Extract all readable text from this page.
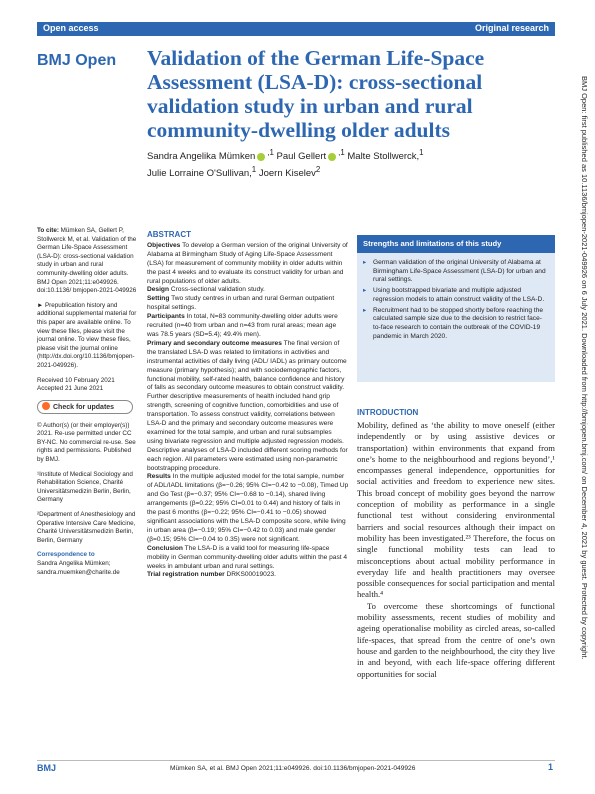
Open access	Original research
BMJ Open Validation of the German Life-Space Assessment (LSA-D): cross-sectional validation study in urban and rural community-dwelling older adults
Sandra Angelika Mümken $^{,1}$ Paul Gellert $^{,1}$ Malte Stollwerck,$^1$
Julie Lorraine O'Sullivan,$^1$ Joern Kiselev$^2$

To cite: Mümken SA, Gellert P, Stollwerck M, et al. Validation of the German Life-Space Assessment (LSA-D): cross-sectional validation study in urban and rural community-dwelling older adults. BMJ Open 2021;11:e049926. doi:10.1136/ bmjopen-2021-049926

► Prepublication history and additional supplemental material for this paper are available online. To view these files, please visit the journal online. To view these files, please visit the journal online (http://dx.doi.org/10.1136/bmjopen-2021-049926).

Received 10 February 2021
Accepted 21 June 2021

Check for updates

© Author(s) (or their employer(s)) 2021. Re-use permitted under CC BY-NC. No commercial re-use. See rights and permissions. Published by BMJ.

¹Institute of Medical Sociology and Rehabilitation Science, Charité Universitätsmedizin Berlin, Berlin, Germany

²Department of Anesthesiology and Operative Intensive Care Medicine, Charité Universitätsmedizin Berlin, Berlin, Germany

Correspondence to
Sandra Angelika Mümken;
sandra.muemken@charite.de

ABSTRACT

Objectives To develop a German version of the original University of Alabama at Birmingham Study of Aging Life-Space Assessment (LSA) for measurement of community mobility in older adults within the past 4 weeks and to evaluate its construct validity for urban and rural populations of older adults.

Design Cross-sectional validation study.

Setting Two study centres in urban and rural German outpatient hospital settings.

Participants In total, N=83 community-dwelling older adults were recruited (n=40 from urban and n=43 from rural areas; mean age was 78.5 years (SD=5.4); 49.4% men).

Primary and secondary outcome measures The final version of the translated LSA-D was related to limitations in activities and instrumental activities of daily living (ADL/ IADL) as primary outcome measure (primary hypothesis); and with sociodemographic factors, functional mobility, self-rated health, balance confidence and history of falls as secondary outcome measures to obtain construct validity. Further descriptive measurements of health included hand grip strength, screening of cognitive function, comorbidities and use of transportation. To assess construct validity, correlations between LSA-D and the primary and secondary outcome measures were examined for the total sample, and urban and rural subsamples using bivariate regression and multiple adjusted regression models. Descriptive analyses of LSA-D included different scoring methods for each region. All parameters were estimated using non-parametric bootstrapping procedure.

Results In the multiple adjusted model for the total sample, number of ADL/IADL limitations (β=−0.26; 95% CI=−0.42 to −0.08), Timed Up and Go Test (β=−0.37; 95% CI=−0.68 to −0.14), shared living arrangements (β=0.22; 95% CI=0.01 to 0.44) and history of falls in the past 6 months (β=−0.22; 95% CI=−0.41 to −0.05) showed significant associations with the LSA-D composite score, while living in urban area (β=−0.19; 95% CI=−0.42 to 0.03) and male gender (β=0.15; 95% CI=−0.04 to 0.35) were not significant.

Conclusion The LSA-D is a valid tool for measuring life-space mobility in German community-dwelling older adults within the past 4 weeks in ambulant urban and rural settings.

Trial registration number DRKS00019023.

Strengths and limitations of this study
▸ German validation of the original University of Alabama at Birmingham Life-Space Assessment (LSA-D) for urban and rural settings.
▸ Using bootstrapped bivariate and multiple adjusted regression models to attain construct validity of the LSA-D.
▸ Recruitment had to be stopped shortly before reaching the calculated sample size due to the decision to restrict face-to-face research to contain the outbreak of the COVID-19 pandemic in March 2020.
INTRODUCTION

Mobility, defined as ‘the ability to move oneself (either independently or by using assistive devices or transportation) within environments that expand from one’s home to the neighbourhood and regions beyond’,¹ encompasses general independence, opportunities for social activities and freedom to experience new sites. This broad concept of mobility goes beyond the narrow conception of mobility as performance in a single functional test without considering environmental barriers and social resources although their impact on mobility has been investigated.²³ Therefore, the focus on single functional mobility tests can lead to misconceptions about actual mobility performance in everyday life and health practitioners may oversee possible consequences for social participation and mental health.⁴

To overcome these shortcomings of functional mobility assessments, recent studies of mobility and ageing operationalise mobility as circled areas, so-called life-spaces, that spread from the centre of one’s own house and garden to the neighbourhood, the city they live in and beyond, with each life-space offering different opportunities for social

BMJ Open: first published as 10.1136/bmjopen-2021-049926 on 6 July 2021. Downloaded from http://bmjopen.bmj.com/ on December 4, 2021 by guest. Protected by copyright.
BMJ	Mümken SA, et al. BMJ Open 2021;11:e049926. doi:10.1136/bmjopen-2021-049926	1
